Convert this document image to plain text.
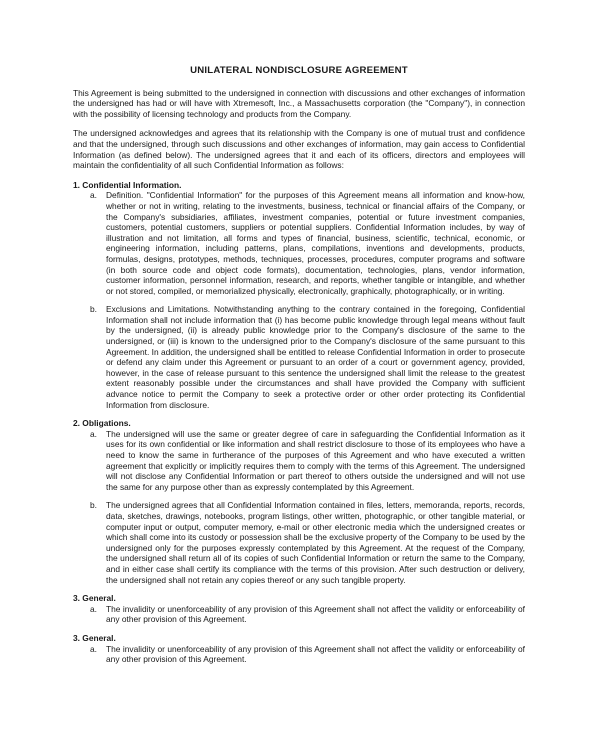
UNILATERAL NONDISCLOSURE AGREEMENT
This Agreement is being submitted to the undersigned in connection with discussions and other exchanges of information the undersigned has had or will have with Xtremesoft, Inc., a Massachusetts corporation (the "Company"), in connection with the possibility of licensing technology and products from the Company.
The undersigned acknowledges and agrees that its relationship with the Company is one of mutual trust and confidence and that the undersigned, through such discussions and other exchanges of information, may gain access to Confidential Information (as defined below). The undersigned agrees that it and each of its officers, directors and employees will maintain the confidentiality of all such Confidential Information as follows:
1. Confidential Information.
a.	Definition. "Confidential Information" for the purposes of this Agreement means all information and know-how, whether or not in writing, relating to the investments, business, technical or financial affairs of the Company, or the Company's subsidiaries, affiliates, investment companies, potential or future investment companies, customers, potential customers, suppliers or potential suppliers. Confidential Information includes, by way of illustration and not limitation, all forms and types of financial, business, scientific, technical, economic, or engineering information, including patterns, plans, compilations, inventions and developments, products, formulas, designs, prototypes, methods, techniques, processes, procedures, computer programs and software (in both source code and object code formats), documentation, technologies, plans, vendor information, customer information, personnel information, research, and reports, whether tangible or intangible, and whether or not stored, compiled, or memorialized physically, electronically, graphically, photographically, or in writing.
b.	Exclusions and Limitations. Notwithstanding anything to the contrary contained in the foregoing, Confidential Information shall not include information that (i) has become public knowledge through legal means without fault by the undersigned, (ii) is already public knowledge prior to the Company's disclosure of the same to the undersigned, or (iii) is known to the undersigned prior to the Company's disclosure of the same pursuant to this Agreement. In addition, the undersigned shall be entitled to release Confidential Information in order to prosecute or defend any claim under this Agreement or pursuant to an order of a court or government agency, provided, however, in the case of release pursuant to this sentence the undersigned shall limit the release to the greatest extent reasonably possible under the circumstances and shall have provided the Company with sufficient advance notice to permit the Company to seek a protective order or other order protecting its Confidential Information from disclosure.
2. Obligations.
a.	The undersigned will use the same or greater degree of care in safeguarding the Confidential Information as it uses for its own confidential or like information and shall restrict disclosure to those of its employees who have a need to know the same in furtherance of the purposes of this Agreement and who have executed a written agreement that explicitly or implicitly requires them to comply with the terms of this Agreement. The undersigned will not disclose any Confidential Information or part thereof to others outside the undersigned and will not use the same for any purpose other than as expressly contemplated by this Agreement.
b.	The undersigned agrees that all Confidential Information contained in files, letters, memoranda, reports, records, data, sketches, drawings, notebooks, program listings, other written, photographic, or other tangible material, or computer input or output, computer memory, e-mail or other electronic media which the undersigned creates or which shall come into its custody or possession shall be the exclusive property of the Company to be used by the undersigned only for the purposes expressly contemplated by this Agreement. At the request of the Company, the undersigned shall return all of its copies of such Confidential Information or return the same to the Company, and in either case shall certify its compliance with the terms of this provision. After such destruction or delivery, the undersigned shall not retain any copies thereof or any such tangible property.
3. General.
a.	The invalidity or unenforceability of any provision of this Agreement shall not affect the validity or enforceability of any other provision of this Agreement.
3. General.
a.	The invalidity or unenforceability of any provision of this Agreement shall not affect the validity or enforceability of any other provision of this Agreement.
